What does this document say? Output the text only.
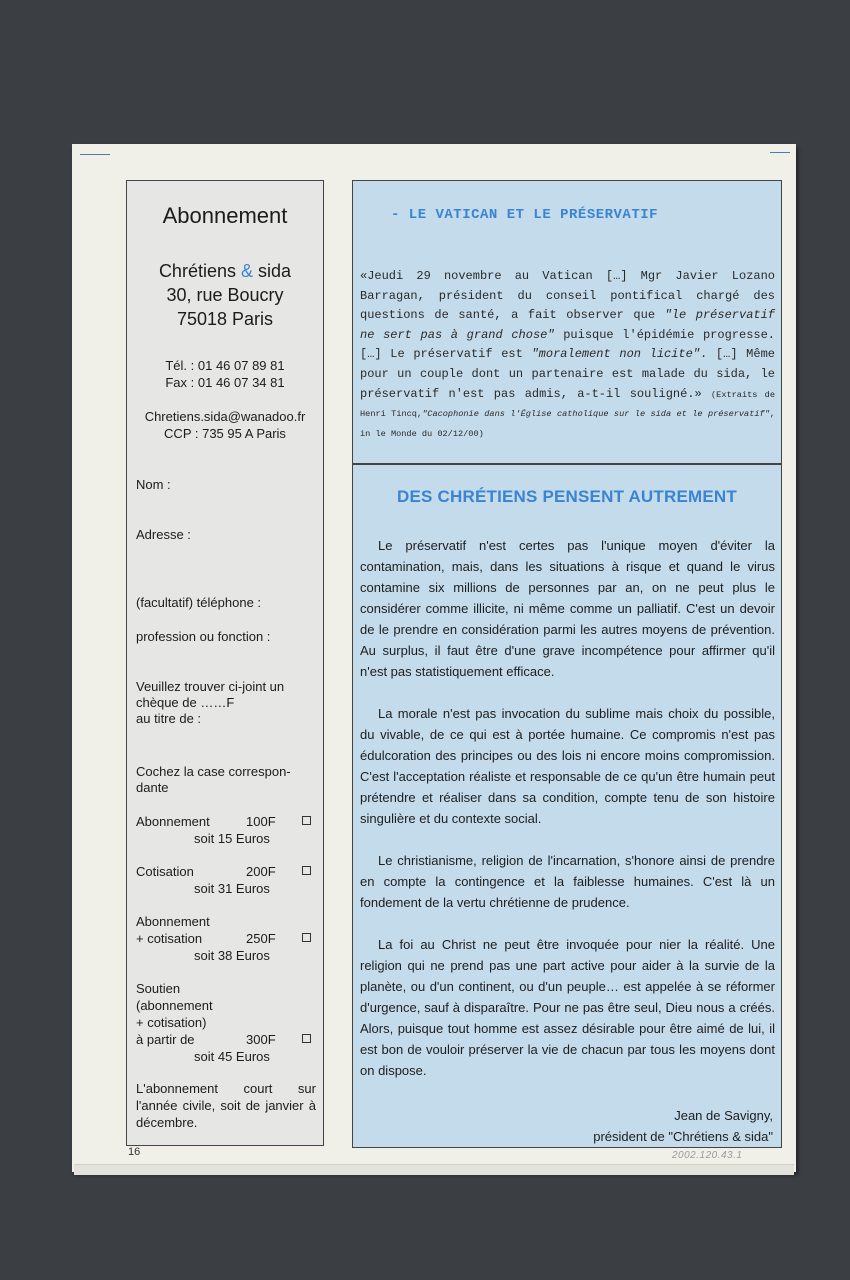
Abonnement
Chrétiens & sida
30, rue Boucry
75018 Paris
Tél. : 01 46 07 89 81
Fax : 01 46 07 34 81
Chretiens.sida@wanadoo.fr
CCP : 735 95 A Paris
Nom :
Adresse :
(facultatif) téléphone :
profession ou fonction :
Veuillez trouver ci-joint un
chèque de ……F
au titre de :
Cochez la case correspon-
dante
Abonnement	100F
soit 15 Euros
Cotisation	200F
soit 31 Euros
Abonnement
+ cotisation	250F
soit 38 Euros
Soutien
(abonnement
+ cotisation)
à partir de	300F
soit 45 Euros
L'abonnement court sur l'année civile, soit de janvier à décembre.
- LE VATICAN ET LE PRÉSERVATIF
«Jeudi 29 novembre au Vatican […] Mgr Javier Lozano Barragan, président du conseil pontifical chargé des questions de santé, a fait observer que "le préservatif ne sert pas à grand chose" puisque l'épidémie progresse. […] Le préservatif est "moralement non licite". […] Même pour un couple dont un partenaire est malade du sida, le préservatif n'est pas admis, a-t-il souligné.» (Extraits de Henri Tincq,"Cacophonie dans l'Église catholique sur le sida et le préservatif", in le Monde du 02/12/00)
DES CHRÉTIENS PENSENT AUTREMENT

Le préservatif n'est certes pas l'unique moyen d'éviter la contamination, mais, dans les situations à risque et quand le virus contamine six millions de personnes par an, on ne peut plus le considérer comme illicite, ni même comme un palliatif. C'est un devoir de le prendre en considération parmi les autres moyens de prévention. Au surplus, il faut être d'une grave incompétence pour affirmer qu'il n'est pas statistiquement efficace.

La morale n'est pas invocation du sublime mais choix du possible, du vivable, de ce qui est à portée humaine. Ce compromis n'est pas édulcoration des principes ou des lois ni encore moins compromission. C'est l'acceptation réaliste et responsable de ce qu'un être humain peut prétendre et réaliser dans sa condition, compte tenu de son histoire singulière et du contexte social.

Le christianisme, religion de l'incarnation, s'honore ainsi de prendre en compte la contingence et la faiblesse humaines. C'est là un fondement de la vertu chrétienne de prudence.

La foi au Christ ne peut être invoquée pour nier la réalité. Une religion qui ne prend pas une part active pour aider à la survie de la planète, ou d'un continent, ou d'un peuple… est appelée à se réformer d'urgence, sauf à disparaître. Pour ne pas être seul, Dieu nous a créés. Alors, puisque tout homme est assez désirable pour être aimé de lui, il est bon de vouloir préserver la vie de chacun par tous les moyens dont on dispose.

Jean de Savigny,
président de "Chrétiens & sida"
16	2002.120.43.1
